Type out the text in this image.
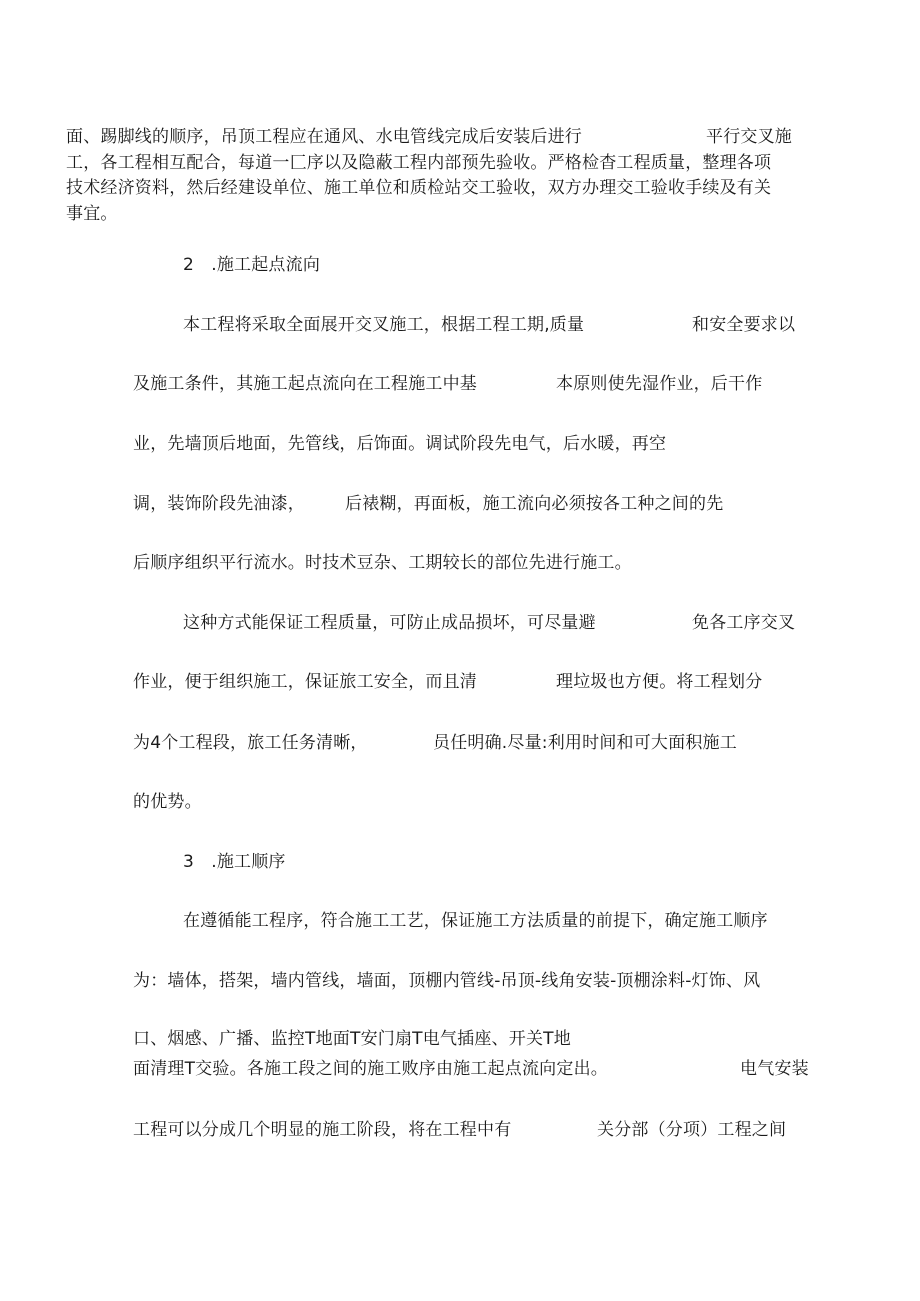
面、踢脚线的顺序，吊顶工程应在通风、水电管线完成后安装后进行	平行交叉施

工，各工程相互配合，每道一匚序以及隐蔽工程内部预先验收。严格检杳工程质量，整理各项

技术经济资料，然后经建设单位、施工单位和质检站交工验收，双方办理交工验收手续及有关

事宜。

2　.施工起点流向

本工程将采取全面展开交叉施工，根据工程工期,质量	和安全要求以

及施工条件，其施工起点流向在工程施工中基	本原则使先湿作业，后干作

业，先墙顶后地面，先管线，后饰面。调试阶段先电气，后水暖，再空

调，装饰阶段先油漆， 后裱糊，再面板，施工流向必须按各工种之间的先

后顺序组织平行流水。时技术豆杂、工期较长的部位先进行施工。

这种方式能保证工程质量，可防止成品损坏，可尽量避	免各工序交叉

作业，便于组织施工，保证旅工安全，而且清	理垃圾也方便。将工程划分

为4个工程段，旅工任务清晰，	员任明确.尽量:利用时间和可大面积施工

的优势。

3　.施工顺序

在遵循能工程序，符合施工工艺，保证施工方法质量的前提下，确定施工顺序

为：墙体，搭架，墙内管线，墙面，顶棚内管线-吊顶-线角安装-顶棚涂料-灯饰、风

口、烟感、广播、监控T地面T安门扇T电气插座、开关T地

面清理T交验。各施工段之间的施工败序由施工起点流向定出。	电气安装

工程可以分成几个明显的施工阶段，将在工程中有	关分部（分项）工程之间
